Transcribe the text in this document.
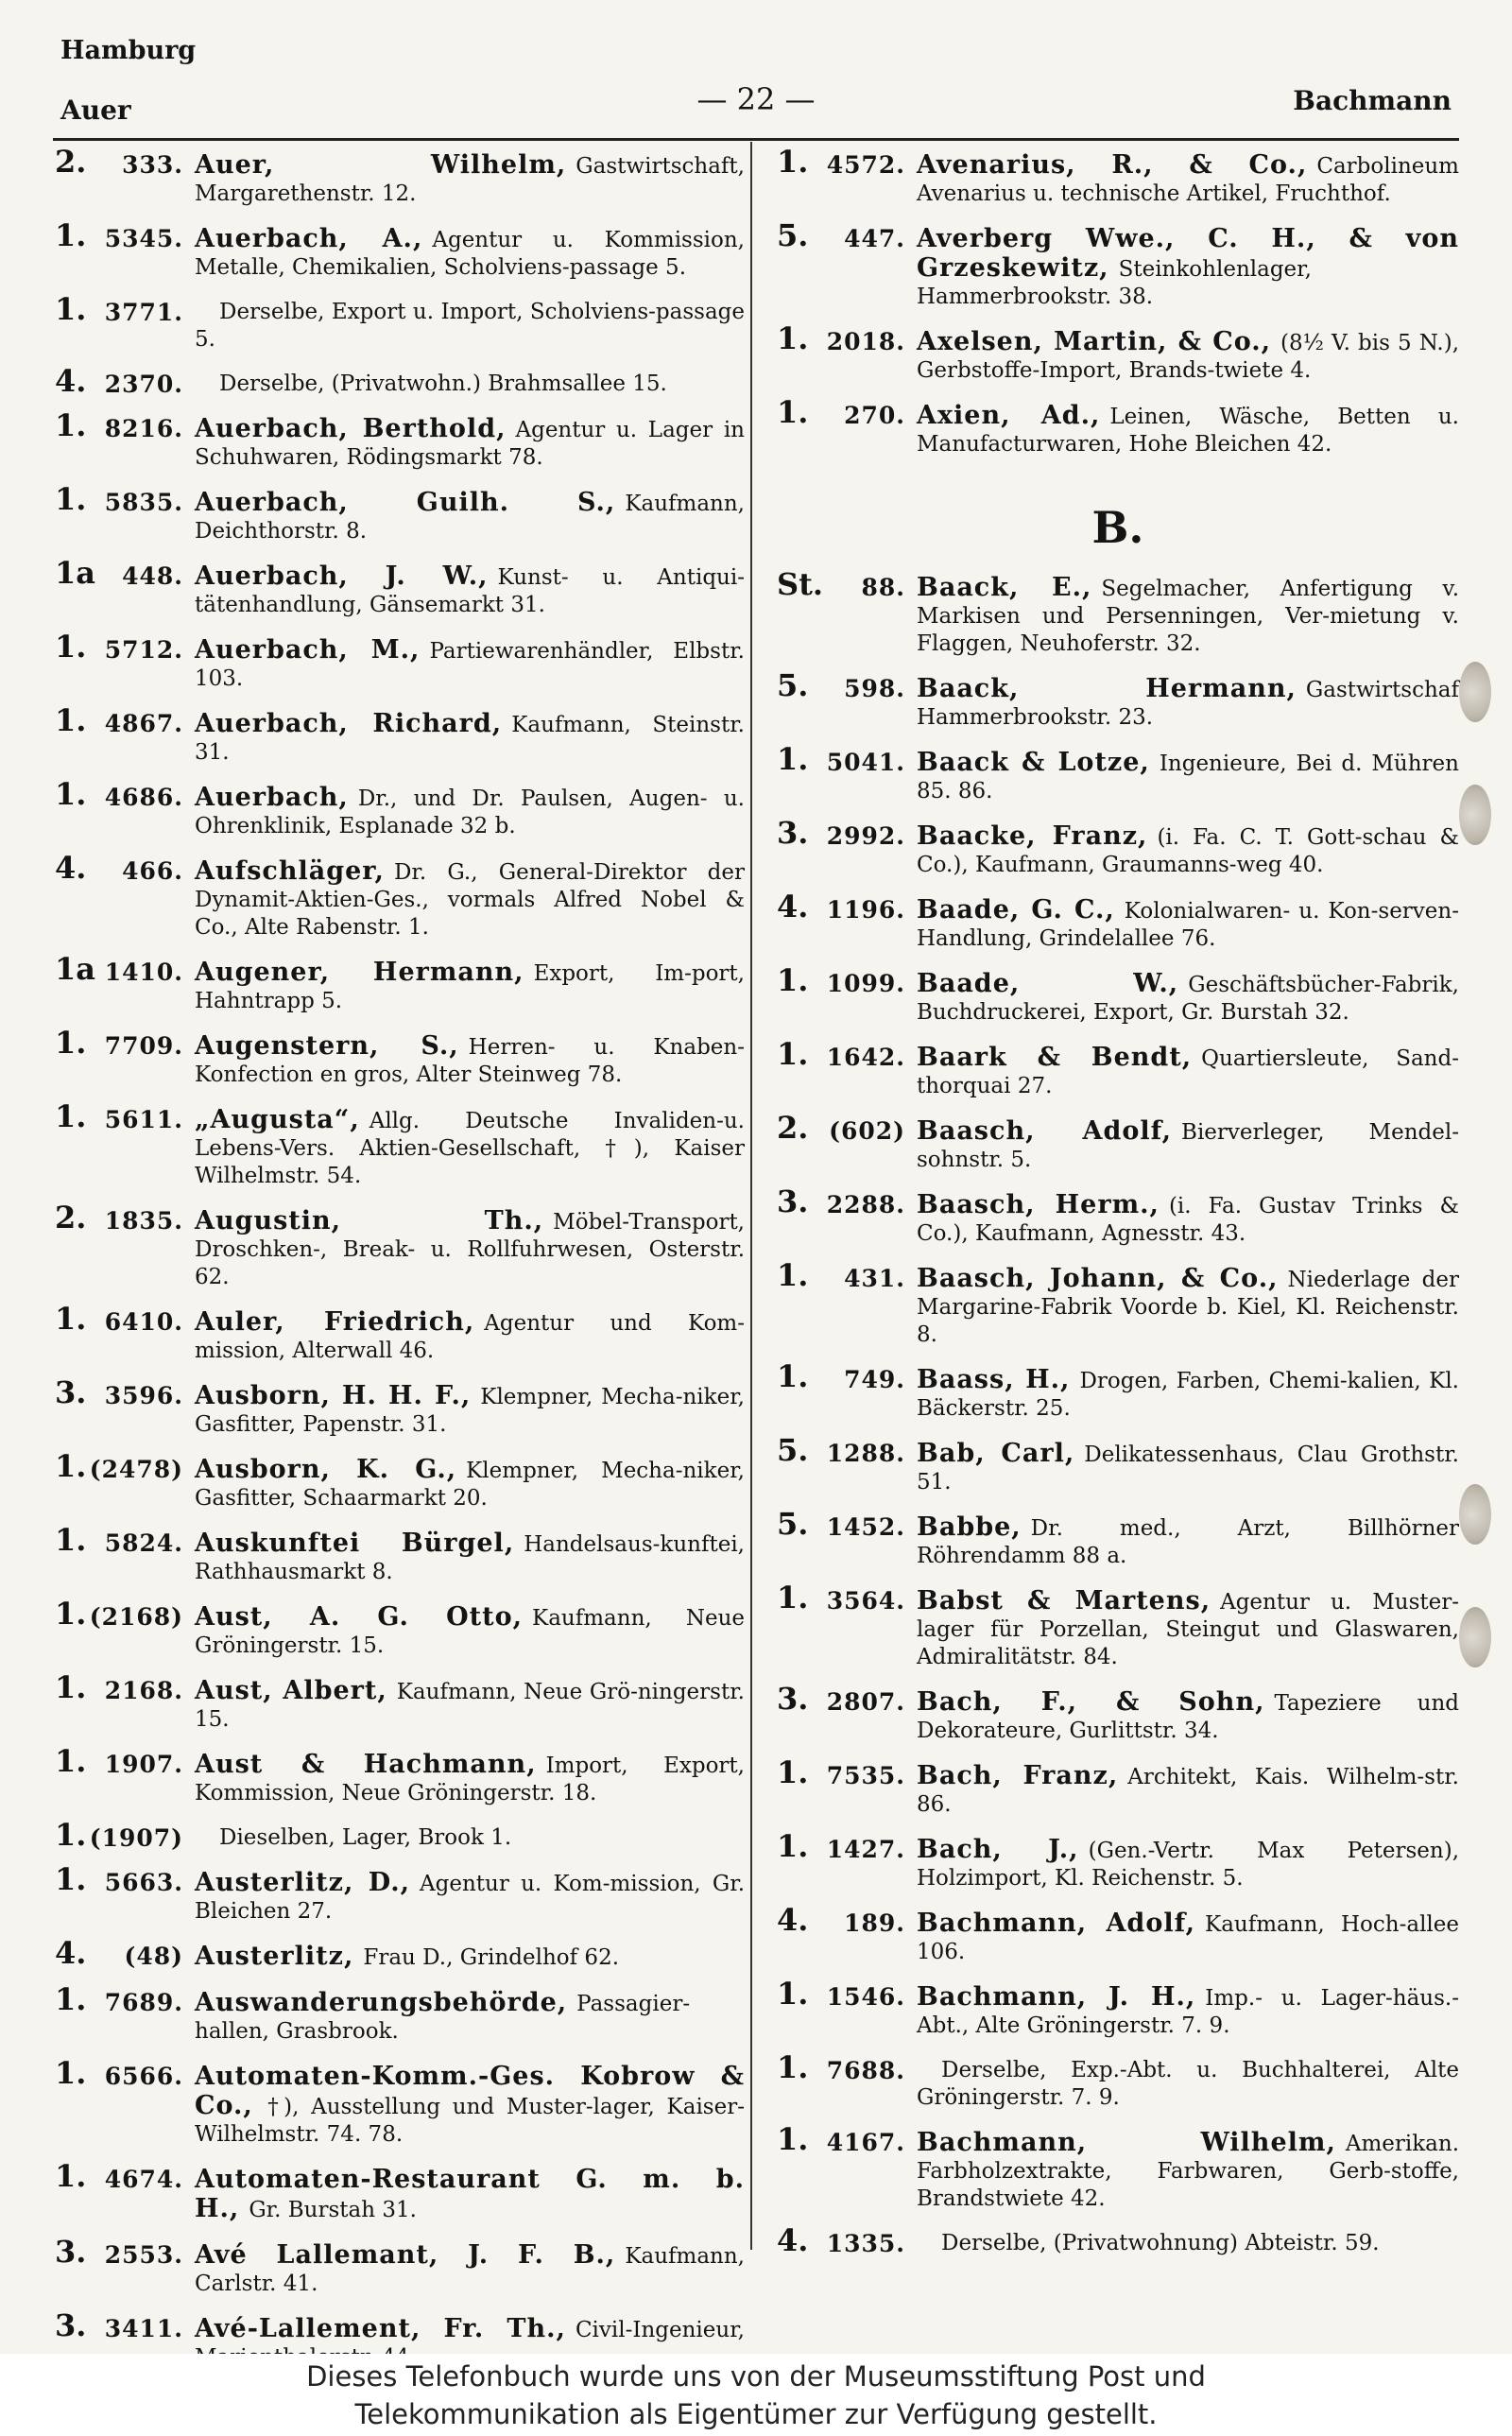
Hamburg
Auer	— 22 —	Bachmann
2.	333. Auer, Wilhelm, Gastwirtschaft, Margarethenstr. 12.
1. 5345. Auerbach, A., Agentur u. Kommission, Metalle, Chemikalien, Scholviens-passage 5.
1. 3771. Derselbe, Export u. Import, Scholviens-passage 5.
4. 2370. Derselbe, (Privatwohn.) Brahmsallee 15.
1. 8216. Auerbach, Berthold, Agentur u. Lager in Schuhwaren, Rödingsmarkt 78.
1. 5835. Auerbach, Guilh. S., Kaufmann, Deichthorstr. 8.
1a	448. Auerbach, J. W., Kunst- u. Antiqui-tätenhandlung, Gänsemarkt 31.
1. 5712. Auerbach, M., Partiewarenhändler, Elbstr. 103.
1. 4867. Auerbach, Richard, Kaufmann, Steinstr. 31.
1. 4686. Auerbach, Dr., und Dr. Paulsen, Augen- u. Ohrenklinik, Esplanade 32 b.
4.	466. Aufschläger, Dr. G., General-Direktor der Dynamit-Aktien-Ges., vormals Alfred Nobel & Co., Alte Rabenstr. 1.
1a 1410. Augener, Hermann, Export, Im-port, Hahntrapp 5.
1. 7709. Augenstern, S., Herren- u. Knaben-Konfection en gros, Alter Steinweg 78.
1. 5611. „Augusta“, Allg. Deutsche Invaliden-u. Lebens-Vers. Aktien-Gesellschaft, †), Kaiser Wilhelmstr. 54.
2. 1835. Augustin, Th., Möbel-Transport, Droschken-, Break- u. Rollfuhrwesen, Osterstr. 62.
1. 6410. Auler, Friedrich, Agentur und Kom-mission, Alterwall 46.
3. 3596. Ausborn, H. H. F., Klempner, Mecha-niker, Gasfitter, Papenstr. 31.
1. (2478) Ausborn, K. G., Klempner, Mecha-niker, Gasfitter, Schaarmarkt 20.
1. 5824. Auskunftei Bürgel, Handelsaus-kunftei, Rathhausmarkt 8.
1. (2168) Aust, A. G. Otto, Kaufmann, Neue Gröningerstr. 15.
1. 2168. Aust, Albert, Kaufmann, Neue Grö-ningerstr. 15.
1. 1907. Aust & Hachmann, Import, Export, Kommission, Neue Gröningerstr. 18.
1. (1907) Dieselben, Lager, Brook 1.
1. 5663. Austerlitz, D., Agentur u. Kom-mission, Gr. Bleichen 27.
4.	(48) Austerlitz, Frau D., Grindelhof 62.
1. 7689. Auswanderungsbehörde, Passagier-hallen, Grasbrook.
1. 6566. Automaten-Komm.-Ges. Kobrow & Co., †), Ausstellung und Muster-lager, Kaiser-Wilhelmstr. 74. 78.
1. 4674. Automaten-Restaurant G. m. b. H., Gr. Burstah 31.
3. 2553. Avé Lallemant, J. F. B., Kaufmann, Carlstr. 41.
3. 3411. Avé-Lallement, Fr. Th., Civil-Ingenieur,
1. 4572. Avenarius, R., & Co., Carbolineum Avenarius u. technische Artikel, Fruchthof.
5.	447. Averberg Wwe., C. H., & von Grzeskewitz, Steinkohlenlager, Hammerbrookstr. 38.
1. 2018. Axelsen, Martin, & Co., (8½ V. bis 5 N.), Gerbstoffe-Import, Brands-twiete 4.
1.	270. Axien, Ad., Leinen, Wäsche, Betten u. Manufacturwaren, Hohe Bleichen 42.
B.
St.	88. Baack, E., Segelmacher, Anfertigung v. Markisen und Persenningen, Ver-mietung v. Flaggen, Neuhoferstr. 32.
5.	598. Baack, Hermann, Gastwirtschaf Hammerbrookstr. 23.
1. 5041. Baack & Lotze, Ingenieure, Bei d. Mühren 85. 86.
3. 2992. Baacke, Franz, (i. Fa. C. T. Gott-schau & Co.), Kaufmann, Graumanns-weg 40.
4. 1196. Baade, G. C., Kolonialwaren- u. Kon-serven-Handlung, Grindelallee 76.
1. 1099. Baade, W., Geschäftsbücher-Fabrik, Buchdruckerei, Export, Gr. Burstah 32.
1. 1642. Baark & Bendt, Quartiersleute, Sand-thorquai 27.
2. (602) Baasch, Adolf, Bierverleger, Mendel-sohnstr. 5.
3. 2288. Baasch, Herm., (i. Fa. Gustav Trinks & Co.), Kaufmann, Agnesstr. 43.
1.	431. Baasch, Johann, & Co., Niederlage der Margarine-Fabrik Voorde b. Kiel, Kl. Reichenstr. 8.
1.	749. Baass, H., Drogen, Farben, Chemi-kalien, Kl. Bäckerstr. 25.
5. 1288. Bab, Carl, Delikatessenhaus, Clau Grothstr. 51.
5. 1452. Babbe, Dr. med., Arzt, Billhörner Röhrendamm 88 a.
1. 3564. Babst & Martens, Agentur u. Muster-lager für Porzellan, Steingut und Glaswaren, Admiralitätstr. 84.
3. 2807. Bach, F., & Sohn, Tapeziere und Dekorateure, Gurlittstr. 34.
1. 7535. Bach, Franz, Architekt, Kais. Wilhelm-str. 86.
1. 1427. Bach, J., (Gen.-Vertr. Max Petersen), Holzimport, Kl. Reichenstr. 5.
4.	189. Bachmann, Adolf, Kaufmann, Hoch-allee 106.
1. 1546. Bachmann, J. H., Imp.- u. Lager-häus.-Abt., Alte Gröningerstr. 7. 9.
1. 7688. Derselbe, Exp.-Abt. u. Buchhalterei, Alte Gröningerstr. 7. 9.
1. 4167. Bachmann, Wilhelm, Amerikan. Farbholzextrakte, Farbwaren, Gerb-stoffe, Brandstwiete 42.
4. 1335. Derselbe, (Privatwohnung) Abteistr. 59.
Dieses Telefonbuch wurde uns von der Museumsstiftung Post und
Telekommunikation als Eigentümer zur Verfügung gestellt.
